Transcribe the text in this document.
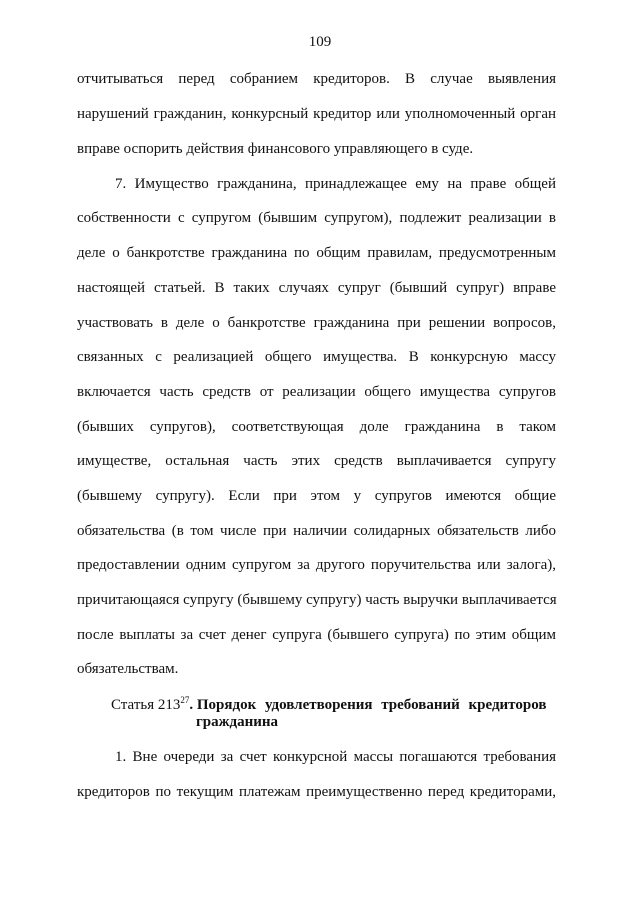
109
отчитываться перед собранием кредиторов. В случае выявления
нарушений гражданин, конкурсный кредитор или уполномоченный орган
вправе оспорить действия финансового управляющего в суде.
7. Имущество гражданина, принадлежащее ему на праве общей
собственности с супругом (бывшим супругом), подлежит реализации в
деле о банкротстве гражданина по общим правилам, предусмотренным
настоящей статьей. В таких случаях супруг (бывший супруг) вправе
участвовать в деле о банкротстве гражданина при решении вопросов,
связанных с реализацией общего имущества. В конкурсную массу
включается часть средств от реализации общего имущества супругов
(бывших супругов), соответствующая доле гражданина в таком
имуществе, остальная часть этих средств выплачивается супругу
(бывшему супругу). Если при этом у супругов имеются общие
обязательства (в том числе при наличии солидарных обязательств либо
предоставлении одним супругом за другого поручительства или залога),
причитающаяся супругу (бывшему супругу) часть выручки выплачивается
после выплаты за счет денег супруга (бывшего супруга) по этим общим
обязательствам.
Статья $213^{27}$. Порядок удовлетворения требований кредиторов
гражданина
1. Вне очереди за счет конкурсной массы погашаются требования
кредиторов по текущим платежам преимущественно перед кредиторами,
